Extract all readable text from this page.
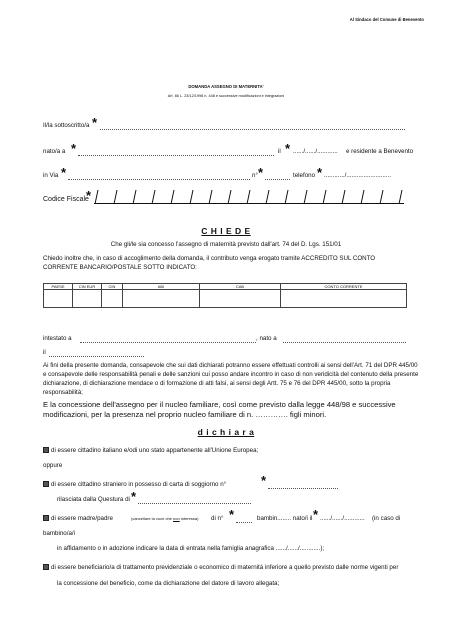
Al Sindaco del Comune di Benevento
DOMANDA ASSEGNO DI MATERNITA'
Art. 66 L. 23/12/1998 n. 448 e successive modificazioni e integrazioni
Il/la sottoscritto/a *
nato/a a *	il * ....../....../............ e residente a Benevento
in Via *	n° *	telefono * ............/..........................
Codice Fiscale
*
C H I E D E
Che gli/le sia concesso l'assegno di maternità previsto dall'art. 74 del D. Lgs. 151/01
Chiedo inoltre che, in caso di accoglimento della domanda, il contributo venga erogato tramite ACCREDITO SUL CONTO
CORRENTE BANCARIO/POSTALE SOTTO INDICATO:
PAESE	CIN EUR	CIN	ABI	CAB	CONTO CORRENTE

intestato a	, nato a
il
Ai fini della presente domanda, consapevole che sui dati dichiarati potranno essere effettuati controlli ai sensi dell'Art. 71 del DPR 445/00
e consapevole delle responsabilità penali e delle sanzioni cui posso andare incontro in caso di non veridicità del contenuto della presente
dichiarazione, di dichiarazione mendace o di formazione di atti falsi, ai sensi degli Artt. 75 e 76 del DPR 445/00, sotto la propria
responsabilità;
E la concessione dell'assegno per il nucleo familiare, così come previsto dalla legge 448/98 e successive
modificazioni, per la presenza nel proprio nucleo familiare di n. …………. figli minori.
d i c h i a r a
di essere cittadino italiano e/odi uno stato appartenente all'Unione Europea;
oppure
di essere cittadino straniero in possesso di carta di soggiorno n°	*
rilasciata dalla Questura di *
di essere madre/padre	(cancellare la voce che non interessa) di n° *	bambin........ nato/i il * ....../....../............ (in caso di
bambino/a/i
in affidamento o in adozione indicare la data di entrata nella famiglia anagrafica ....../....../............);
di essere beneficiario/a di trattamento previdenziale o economico di maternità inferiore a quello previsto dalle norme vigenti per
la concessione del beneficio, come da dichiarazione del datore di lavoro allegata;
